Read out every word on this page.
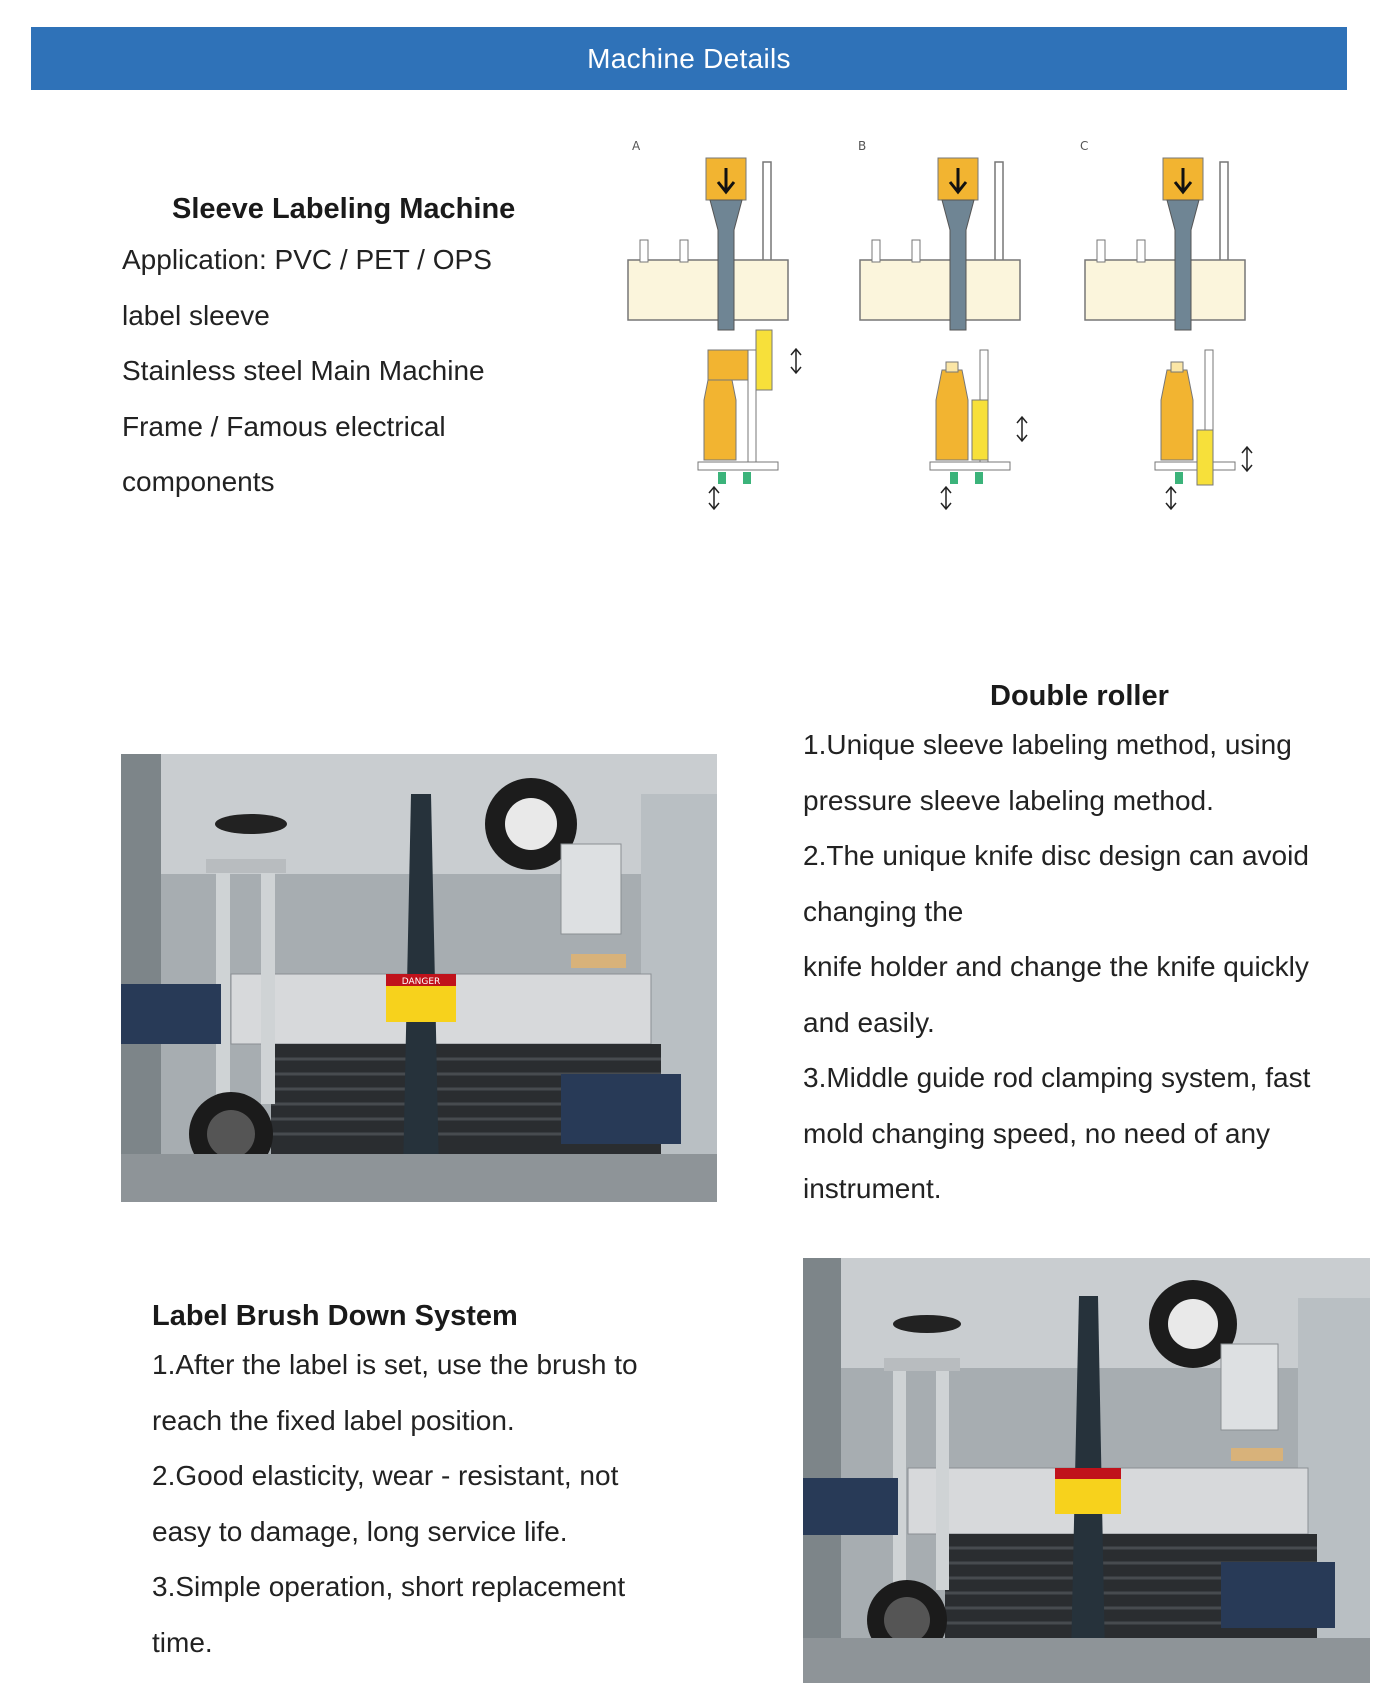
Machine Details
Sleeve Labeling Machine
Application: PVC / PET / OPS
label sleeve
Stainless steel Main Machine
Frame / Famous electrical
components
A	B	C
DANGER
Double roller
1.Unique sleeve labeling method, using
pressure sleeve labeling method.
2.The unique knife disc design can avoid
changing the
knife holder and change the knife quickly
and easily.
3.Middle guide rod clamping system, fast
mold changing speed, no need of any
instrument.
Label Brush Down System
1.After the label is set, use the brush to
reach the fixed label position.
2.Good elasticity, wear - resistant, not
easy to damage, long service life.
3.Simple operation, short replacement
time.
